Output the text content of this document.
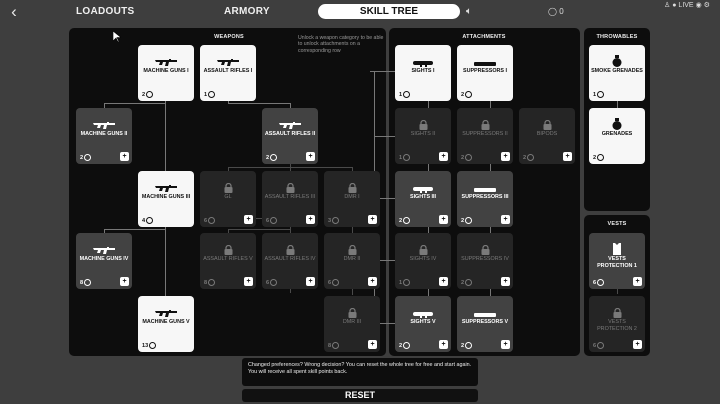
‹	LOADOUTS	ARMORY	SKILL TREE	🔈︎	◯ 0
♙ ● LIVE ◉ ⚙
WEAPONS	ATTACHMENTS	THROWABLES
VESTS
Unlock a weapon category to be able to unlock attachments on a corresponding row
MACHINE GUNS I
2
ASSAULT RIFLES I
1
MACHINE GUNS II
2	+
ASSAULT RIFLES II
2	+
MACHINE GUNS III
4
GL
6	+
ASSAULT RIFLES III
6	+
DMR I
3	+
MACHINE GUNS IV
8	+
ASSAULT RIFLES V
8	+
ASSAULT RIFLES IV
6	+
DMR II
6	+
MACHINE GUNS V
13
DMR III
8	+
SIGHTS I
1
SUPPRESSORS I
2
SIGHTS II
1	+
SUPPRESSORS II
2	+
BIPODS
2	+
SIGHTS III
2	+
SUPPRESSORS III
2	+
SIGHTS IV
1	+
SUPPRESSORS IV
2	+
SIGHTS V
2	+
SUPPRESSORS V
2	+
SMOKE GRENADES
1
GRENADES
2
VESTS PROTECTION 1
6	+
VESTS PROTECTION 2
6	+
Changed preferences? Wrong decision? You can reset the whole tree for free and start again. You will receive all spent skill points back.
RESET
